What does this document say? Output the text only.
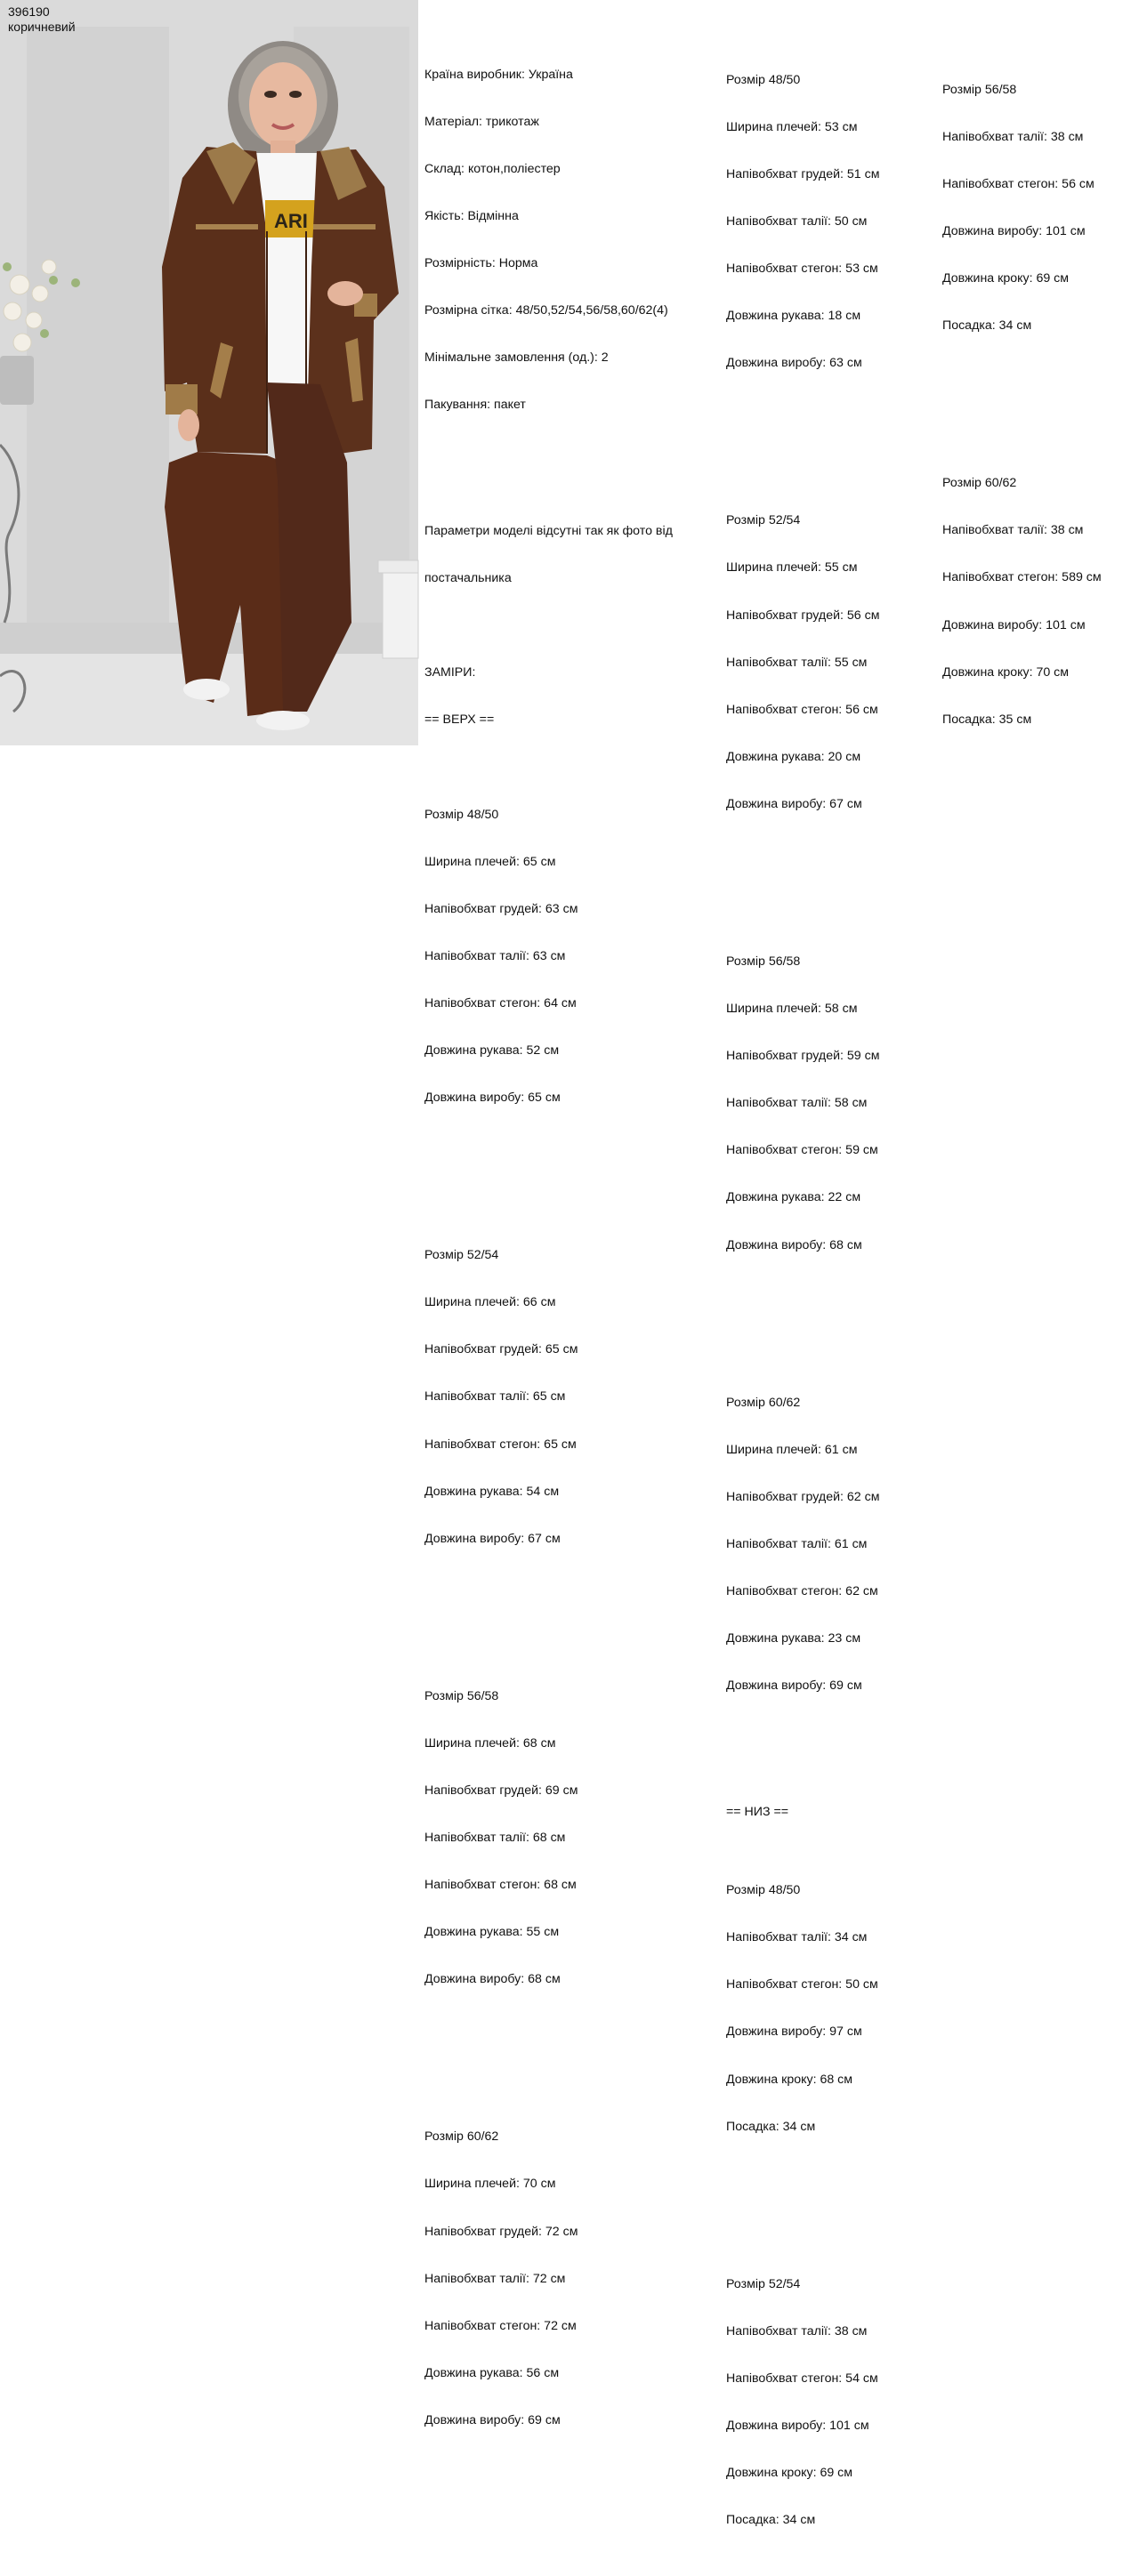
ARI
396190
коричневий

Країна виробник: Україна

Матеріал: трикотаж

Склад: котон,поліестер

Якість: Відмінна

Розмірність: Норма

Розмірна сітка: 48/50,52/54,56/58,60/62(4)

Мінімальне замовлення (од.): 2

Пакування: пакет

Параметри моделі відсутні так як фото від

постачальника

ЗАМІРИ:

== ВЕРХ ==

Розмір 48/50

Ширина плечей: 65 см

Напівобхват грудей: 63 см

Напівобхват талії: 63 см

Напівобхват стегон: 64 см

Довжина рукава: 52 см

Довжина виробу: 65 см

Розмір 52/54

Ширина плечей: 66 см

Напівобхват грудей: 65 см

Напівобхват талії: 65 см

Напівобхват стегон: 65 см

Довжина рукава: 54 см

Довжина виробу: 67 см

Розмір 56/58

Ширина плечей: 68 см

Напівобхват грудей: 69 см

Напівобхват талії: 68 см

Напівобхват стегон: 68 см

Довжина рукава: 55 см

Довжина виробу: 68 см

Розмір 60/62

Ширина плечей: 70 см

Напівобхват грудей: 72 см

Напівобхват талії: 72 см

Напівобхват стегон: 72 см

Довжина рукава: 56 см

Довжина виробу: 69 см

Розмір 48/50

Ширина плечей: 53 см

Напівобхват грудей: 51 см

Напівобхват талії: 50 см

Напівобхват стегон: 53 см

Довжина рукава: 18 см

Довжина виробу: 63 см

Розмір 52/54

Ширина плечей: 55 см

Напівобхват грудей: 56 см

Напівобхват талії: 55 см

Напівобхват стегон: 56 см

Довжина рукава: 20 см

Довжина виробу: 67 см

Розмір 56/58

Ширина плечей: 58 см

Напівобхват грудей: 59 см

Напівобхват талії: 58 см

Напівобхват стегон: 59 см

Довжина рукава: 22 см

Довжина виробу: 68 см

Розмір 60/62

Ширина плечей: 61 см

Напівобхват грудей: 62 см

Напівобхват талії: 61 см

Напівобхват стегон: 62 см

Довжина рукава: 23 см

Довжина виробу: 69 см

== НИЗ ==

Розмір 48/50

Напівобхват талії: 34 см

Напівобхват стегон: 50 см

Довжина виробу: 97 см

Довжина кроку: 68 см

Посадка: 34 см

Розмір 52/54

Напівобхват талії: 38 см

Напівобхват стегон: 54 см

Довжина виробу: 101 см

Довжина кроку: 69 см

Посадка: 34 см

Розмір 56/58

Напівобхват талії: 38 см

Напівобхват стегон: 56 см

Довжина виробу: 101 см

Довжина кроку: 69 см

Посадка: 34 см

Розмір 60/62

Напівобхват талії: 38 см

Напівобхват стегон: 589 см

Довжина виробу: 101 см

Довжина кроку: 70 см

Посадка: 35 см
